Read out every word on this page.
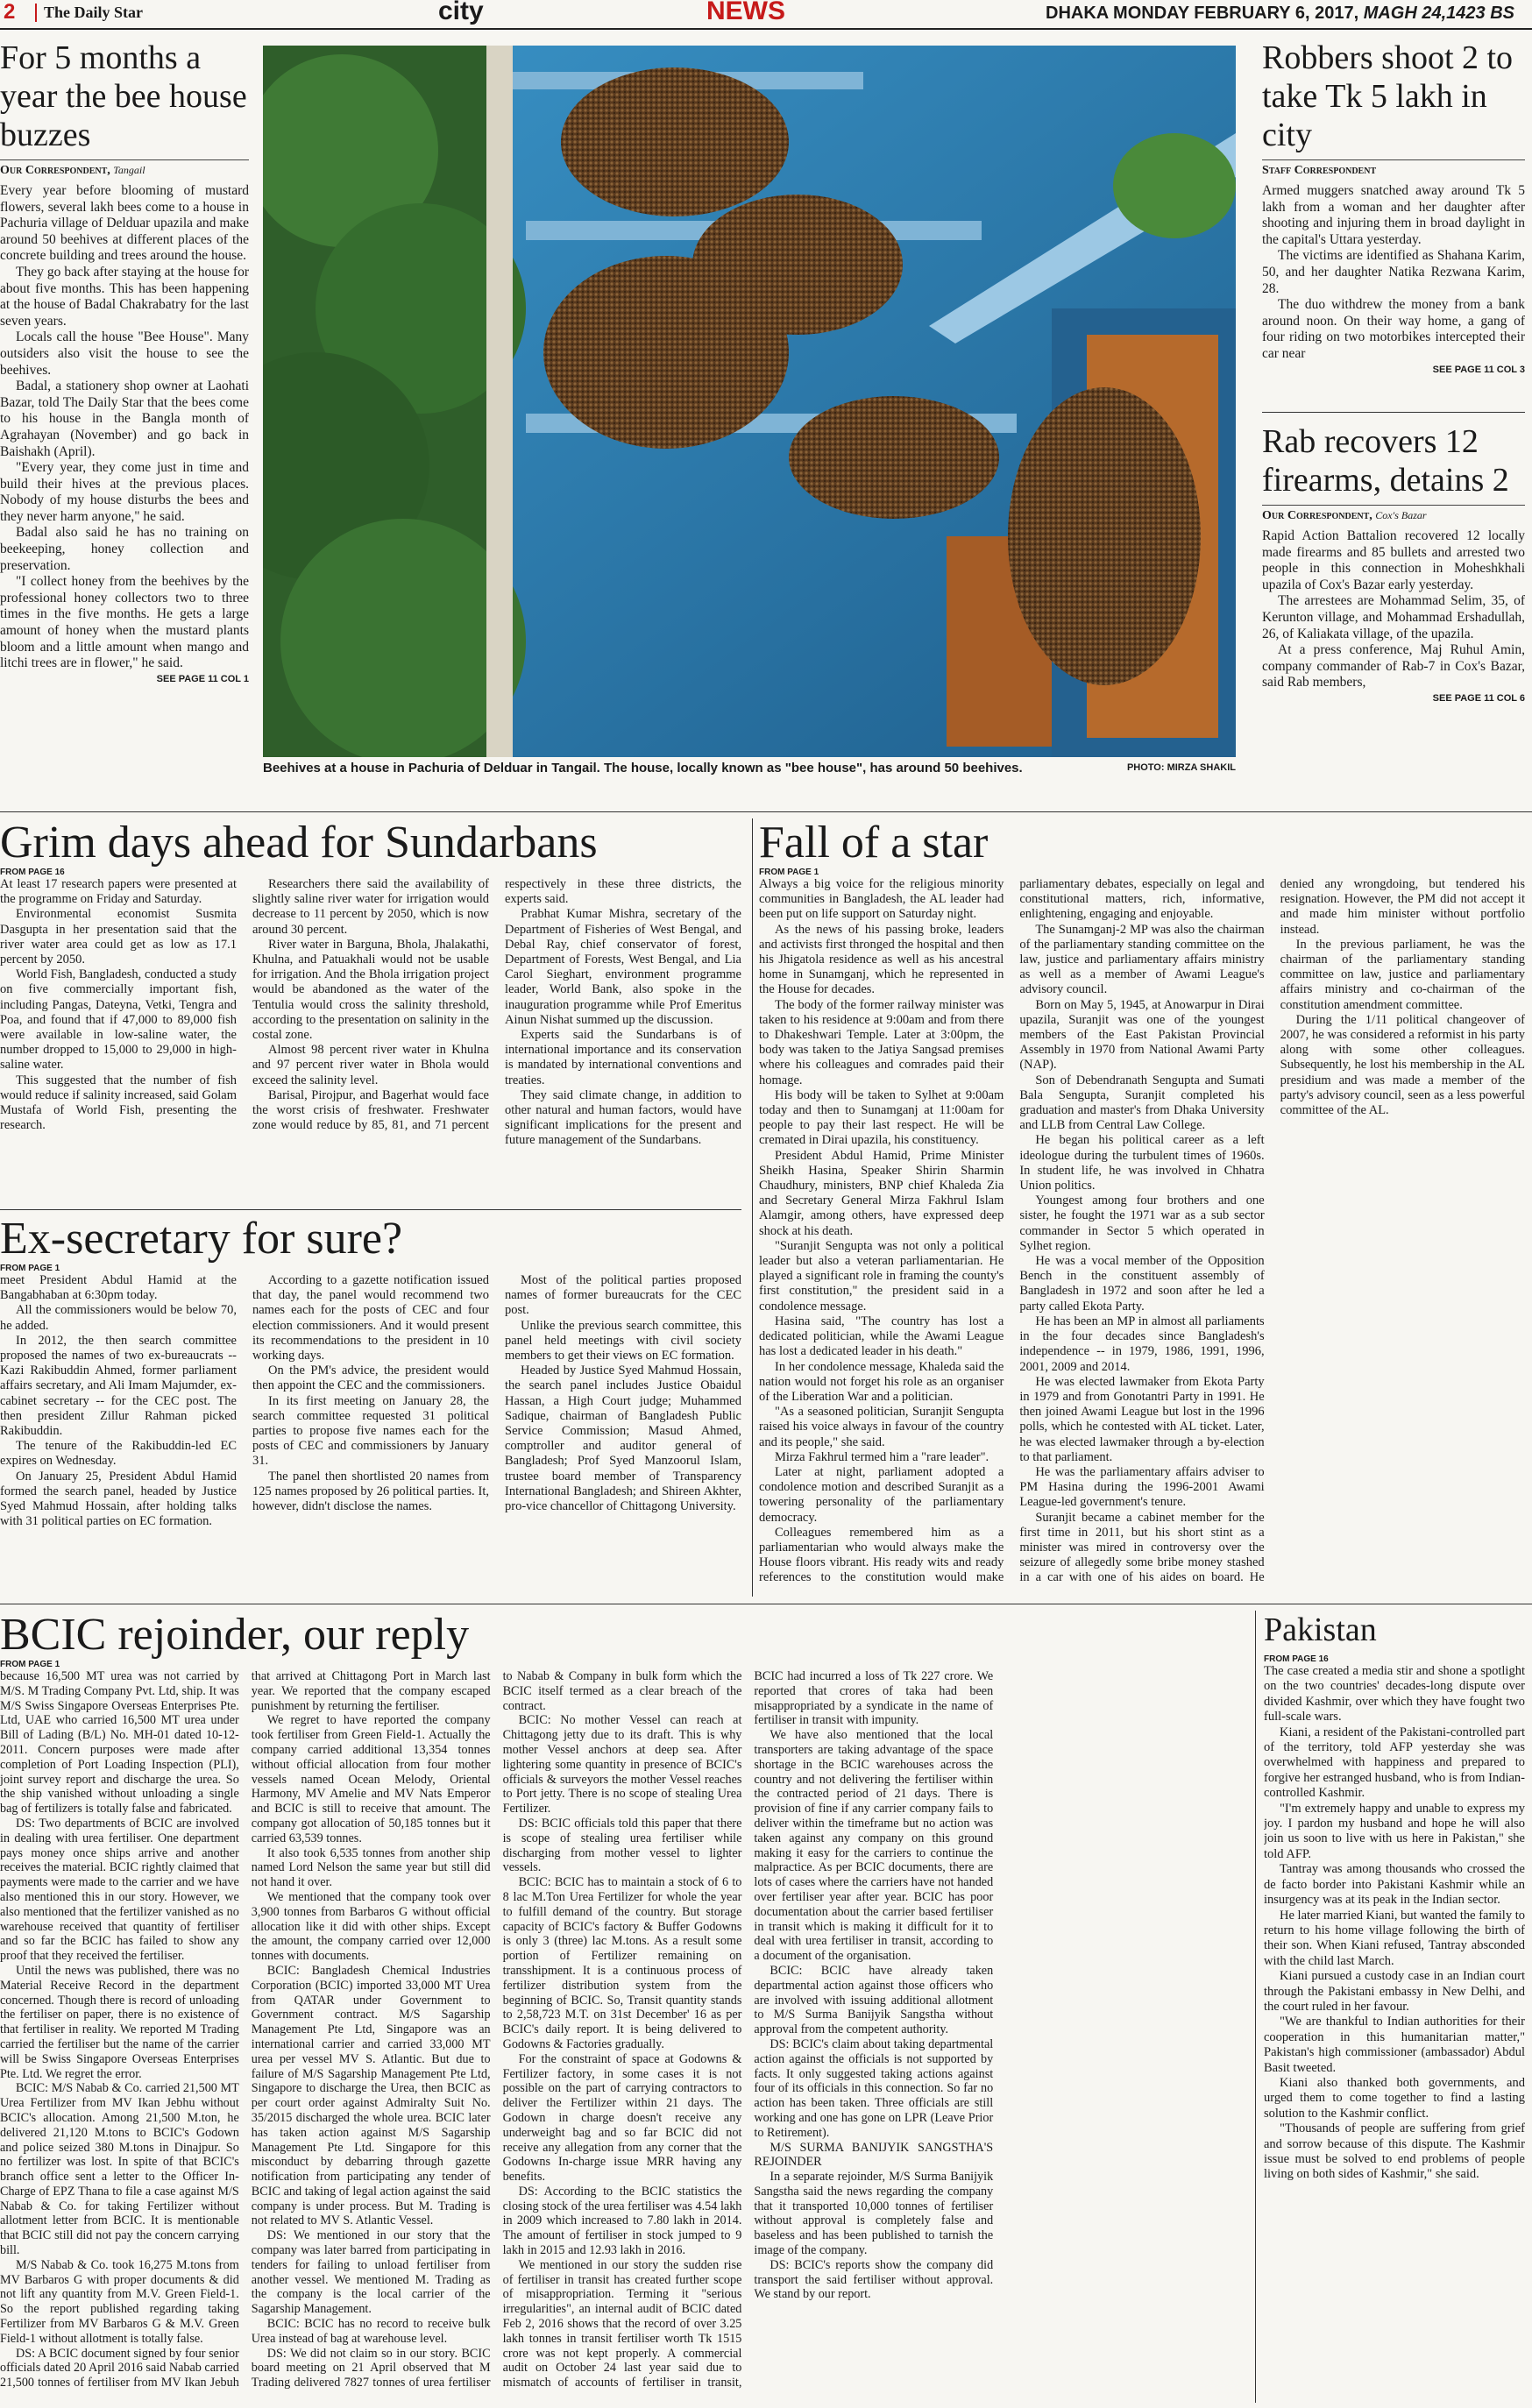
2	The Daily Star	city	NEWS	DHAKA MONDAY FEBRUARY 6, 2017, MAGH 24,1423 BS
For 5 months a year the bee house buzzes
Our Correspondent, Tangail

Every year before blooming of mustard flowers, several lakh bees come to a house in Pachuria village of Delduar upazila and make around 50 beehives at different places of the concrete building and trees around the house.

They go back after staying at the house for about five months. This has been happening at the house of Badal Chakrabatry for the last seven years.

Locals call the house "Bee House". Many outsiders also visit the house to see the beehives.

Badal, a stationery shop owner at Laohati Bazar, told The Daily Star that the bees come to his house in the Bangla month of Agrahayan (November) and go back in Baishakh (April).

"Every year, they come just in time and build their hives at the previous places. Nobody of my house disturbs the bees and they never harm anyone," he said.

Badal also said he has no training on beekeeping, honey collection and preservation.

"I collect honey from the beehives by the professional honey collectors two to three times in the five months. He gets a large amount of honey when the mustard plants bloom and a little amount when mango and litchi trees are in flower," he said.

SEE PAGE 11 COL 1
Beehives at a house in Pachuria of Delduar in Tangail. The house, locally known as "bee house", has around 50 beehives.	PHOTO: MIRZA SHAKIL
Robbers shoot 2 to take Tk 5 lakh in city
Staff Correspondent

Armed muggers snatched away around Tk 5 lakh from a woman and her daughter after shooting and injuring them in broad daylight in the capital's Uttara yesterday.

The victims are identified as Shahana Karim, 50, and her daughter Natika Rezwana Karim, 28.

The duo withdrew the money from a bank around noon. On their way home, a gang of four riding on two motorbikes intercepted their car near

SEE PAGE 11 COL 3
Rab recovers 12 firearms, detains 2
Our Correspondent, Cox's Bazar

Rapid Action Battalion recovered 12 locally made firearms and 85 bullets and arrested two people in this connection in Moheshkhali upazila of Cox's Bazar early yesterday.

The arrestees are Mohammad Selim, 35, of Kerunton village, and Mohammad Ershadullah, 26, of Kaliakata village, of the upazila.

At a press conference, Maj Ruhul Amin, company commander of Rab-7 in Cox's Bazar, said Rab members,

SEE PAGE 11 COL 6
Grim days ahead for Sundarbans
FROM PAGE 16

At least 17 research papers were presented at the programme on Friday and Saturday.

Environmental economist Susmita Dasgupta in her presentation said that the river water area could get as low as 17.1 percent by 2050.

World Fish, Bangladesh, conducted a study on five commercially important fish, including Pangas, Dateyna, Vetki, Tengra and Poa, and found that if 47,000 to 89,000 fish were available in low-saline water, the number dropped to 15,000 to 29,000 in high-saline water.

This suggested that the number of fish would reduce if salinity increased, said Golam Mustafa of World Fish, presenting the research.

Researchers there said the availability of slightly saline river water for irrigation would decrease to 11 percent by 2050, which is now around 30 percent.

River water in Barguna, Bhola, Jhalakathi, Khulna, and Patuakhali would not be usable for irrigation. And the Bhola irrigation project would be abandoned as the water of the Tentulia would cross the salinity threshold, according to the presentation on salinity in the costal zone.

Almost 98 percent river water in Khulna and 97 percent river water in Bhola would exceed the salinity level.

Barisal, Pirojpur, and Bagerhat would face the worst crisis of freshwater. Freshwater zone would reduce by 85, 81, and 71 percent respectively in these three districts, the experts said.

Prabhat Kumar Mishra, secretary of the Department of Fisheries of West Bengal, and Debal Ray, chief conservator of forest, Department of Forests, West Bengal, and Lia Carol Sieghart, environment programme leader, World Bank, also spoke in the inauguration programme while Prof Emeritus Ainun Nishat summed up the discussion.

Experts said the Sundarbans is of international importance and its conservation is mandated by international conventions and treaties.

They said climate change, in addition to other natural and human factors, would have significant implications for the present and future management of the Sundarbans.

Ex-secretary for sure?
FROM PAGE 1

meet President Abdul Hamid at the Bangabhaban at 6:30pm today.

All the commissioners would be below 70, he added.

In 2012, the then search committee proposed the names of two ex-bureaucrats -- Kazi Rakibuddin Ahmed, former parliament affairs secretary, and Ali Imam Majumder, ex-cabinet secretary -- for the CEC post. The then president Zillur Rahman picked Rakibuddin.

The tenure of the Rakibuddin-led EC expires on Wednesday.

On January 25, President Abdul Hamid formed the search panel, headed by Justice Syed Mahmud Hossain, after holding talks with 31 political parties on EC formation.

According to a gazette notification issued that day, the panel would recommend two names each for the posts of CEC and four election commissioners. And it would present its recommendations to the president in 10 working days.

On the PM's advice, the president would then appoint the CEC and the commissioners.

In its first meeting on January 28, the search committee requested 31 political parties to propose five names each for the posts of CEC and commissioners by January 31.

The panel then shortlisted 20 names from 125 names proposed by 26 political parties. It, however, didn't disclose the names.

Most of the political parties proposed names of former bureaucrats for the CEC post.

Unlike the previous search committee, this panel held meetings with civil society members to get their views on EC formation.

Headed by Justice Syed Mahmud Hossain, the search panel includes Justice Obaidul Hassan, a High Court judge; Muhammed Sadique, chairman of Bangladesh Public Service Commission; Masud Ahmed, comptroller and auditor general of Bangladesh; Prof Syed Manzoorul Islam, trustee board member of Transparency International Bangladesh; and Shireen Akhter, pro-vice chancellor of Chittagong University.

Fall of a star
FROM PAGE 1

Always a big voice for the religious minority communities in Bangladesh, the AL leader had been put on life support on Saturday night.

As the news of his passing broke, leaders and activists first thronged the hospital and then his Jhigatola residence as well as his ancestral home in Sunamganj, which he represented in the House for decades.

The body of the former railway minister was taken to his residence at 9:00am and from there to Dhakeshwari Temple. Later at 3:00pm, the body was taken to the Jatiya Sangsad premises where his colleagues and comrades paid their homage.

His body will be taken to Sylhet at 9:00am today and then to Sunamganj at 11:00am for people to pay their last respect. He will be cremated in Dirai upazila, his constituency.

President Abdul Hamid, Prime Minister Sheikh Hasina, Speaker Shirin Sharmin Chaudhury, ministers, BNP chief Khaleda Zia and Secretary General Mirza Fakhrul Islam Alamgir, among others, have expressed deep shock at his death.

"Suranjit Sengupta was not only a political leader but also a veteran parliamentarian. He played a significant role in framing the county's first constitution," the president said in a condolence message.

Hasina said, "The country has lost a dedicated politician, while the Awami League has lost a dedicated leader in his death."

In her condolence message, Khaleda said the nation would not forget his role as an organiser of the Liberation War and a politician.

"As a seasoned politician, Suranjit Sengupta raised his voice always in favour of the country and its people," she said.

Mirza Fakhrul termed him a "rare leader".

Later at night, parliament adopted a condolence motion and described Suranjit as a towering personality of the parliamentary democracy.

Colleagues remembered him as a parliamentarian who would always make the House floors vibrant. His ready wits and ready references to the constitution would make parliamentary debates, especially on legal and constitutional matters, rich, informative, enlightening, engaging and enjoyable.

The Sunamganj-2 MP was also the chairman of the parliamentary standing committee on the law, justice and parliamentary affairs ministry as well as a member of Awami League's advisory council.

Born on May 5, 1945, at Anowarpur in Dirai upazila, Suranjit was one of the youngest members of the East Pakistan Provincial Assembly in 1970 from National Awami Party (NAP).

Son of Debendranath Sengupta and Sumati Bala Sengupta, Suranjit completed his graduation and master's from Dhaka University and LLB from Central Law College.

He began his political career as a left ideologue during the turbulent times of 1960s. In student life, he was involved in Chhatra Union politics.

Youngest among four brothers and one sister, he fought the 1971 war as a sub sector commander in Sector 5 which operated in Sylhet region.

He was a vocal member of the Opposition Bench in the constituent assembly of Bangladesh in 1972 and soon after he led a party called Ekota Party.

He has been an MP in almost all parliaments in the four decades since Bangladesh's independence -- in 1979, 1986, 1991, 1996, 2001, 2009 and 2014.

He was elected lawmaker from Ekota Party in 1979 and from Gonotantri Party in 1991. He then joined Awami League but lost in the 1996 polls, which he contested with AL ticket. Later, he was elected lawmaker through a by-election to that parliament.

He was the parliamentary affairs adviser to PM Hasina during the 1996-2001 Awami League-led government's tenure.

Suranjit became a cabinet member for the first time in 2011, but his short stint as a minister was mired in controversy over the seizure of allegedly some bribe money stashed in a car with one of his aides on board. He denied any wrongdoing, but tendered his resignation. However, the PM did not accept it and made him minister without portfolio instead.

In the previous parliament, he was the chairman of the parliamentary standing committee on law, justice and parliamentary affairs ministry and co-chairman of the constitution amendment committee.

During the 1/11 political changeover of 2007, he was considered a reformist in his party along with some other colleagues. Subsequently, he lost his membership in the AL presidium and was made a member of the party's advisory council, seen as a less powerful committee of the AL.

BCIC rejoinder, our reply
FROM PAGE 1

because 16,500 MT urea was not carried by M/S. M Trading Company Pvt. Ltd, ship. It was M/S Swiss Singapore Overseas Enterprises Pte. Ltd, UAE who carried 16,500 MT urea under Bill of Lading (B/L) No. MH-01 dated 10-12-2011. Concern purposes were made after completion of Port Loading Inspection (PLI), joint survey report and discharge the urea. So the ship vanished without unloading a single bag of fertilizers is totally false and fabricated.

DS: Two departments of BCIC are involved in dealing with urea fertiliser. One department pays money once ships arrive and another receives the material. BCIC rightly claimed that payments were made to the carrier and we have also mentioned this in our story. However, we also mentioned that the fertilizer vanished as no warehouse received that quantity of fertiliser and so far the BCIC has failed to show any proof that they received the fertiliser.

Until the news was published, there was no Material Receive Record in the department concerned. Though there is record of unloading the fertiliser on paper, there is no existence of that fertiliser in reality. We reported M Trading carried the fertiliser but the name of the carrier will be Swiss Singapore Overseas Enterprises Pte. Ltd. We regret the error.

BCIC: M/S Nabab & Co. carried 21,500 MT Urea Fertilizer from MV Ikan Jebhu without BCIC's allocation. Among 21,500 M.ton, he delivered 21,120 M.tons to BCIC's Godown and police seized 380 M.tons in Dinajpur. So no fertilizer was lost. In spite of that BCIC's branch office sent a letter to the Officer In-Charge of EPZ Thana to file a case against M/S Nabab & Co. for taking Fertilizer without allotment letter from BCIC. It is mentionable that BCIC still did not pay the concern carrying bill.

M/S Nabab & Co. took 16,275 M.tons from MV Barbaros G with proper documents & did not lift any quantity from M.V. Green Field-1. So the report published regarding taking Fertilizer from MV Barbaros G & M.V. Green Field-1 without allotment is totally false.

DS: A BCIC document signed by four senior officials dated 20 April 2016 said Nabab carried 21,500 tonnes of fertiliser from MV Ikan Jebuh that arrived at Chittagong Port in March last year. We reported that the company escaped punishment by returning the fertiliser.

We regret to have reported the company took fertiliser from Green Field-1. Actually the company carried additional 13,354 tonnes without official allocation from four mother vessels named Ocean Melody, Oriental Harmony, MV Amelie and MV Nats Emperor and BCIC is still to receive that amount. The company got allocation of 50,185 tonnes but it carried 63,539 tonnes.

It also took 6,535 tonnes from another ship named Lord Nelson the same year but still did not hand it over.

We mentioned that the company took over 3,900 tonnes from Barbaros G without official allocation like it did with other ships. Except the amount, the company carried over 12,000 tonnes with documents.

BCIC: Bangladesh Chemical Industries Corporation (BCIC) imported 33,000 MT Urea from QATAR under Government to Government contract. M/S Sagarship Management Pte Ltd, Singapore was an international carrier and carried 33,000 MT urea per vessel MV S. Atlantic. But due to failure of M/S Sagarship Management Pte Ltd, Singapore to discharge the Urea, then BCIC as per court order against Admiralty Suit No. 35/2015 discharged the whole urea. BCIC later has taken action against M/S Sagarship Management Pte Ltd. Singapore for this misconduct by debarring through gazette notification from participating any tender of BCIC and taking of legal action against the said company is under process. But M. Trading is not related to MV S. Atlantic Vessel.

DS: We mentioned in our story that the company was later barred from participating in tenders for failing to unload fertiliser from another vessel. We mentioned M. Trading as the company is the local carrier of the Sagarship Management.

BCIC: BCIC has no record to receive bulk Urea instead of bag at warehouse level.

DS: We did not claim so in our story. BCIC board meeting on 21 April observed that M Trading delivered 7827 tonnes of urea fertiliser to Nabab & Company in bulk form which the BCIC itself termed as a clear breach of the contract.

BCIC: No mother Vessel can reach at Chittagong jetty due to its draft. This is why mother Vessel anchors at deep sea. After lightering some quantity in presence of BCIC's officials & surveyors the mother Vessel reaches to Port jetty. There is no scope of stealing Urea Fertilizer.

DS: BCIC officials told this paper that there is scope of stealing urea fertiliser while discharging from mother vessel to lighter vessels.

BCIC: BCIC has to maintain a stock of 6 to 8 lac M.Ton Urea Fertilizer for whole the year to fulfill demand of the country. But storage capacity of BCIC's factory & Buffer Godowns is only 3 (three) lac M.tons. As a result some portion of Fertilizer remaining on transshipment. It is a continuous process of fertilizer distribution system from the beginning of BCIC. So, Transit quantity stands to 2,58,723 M.T. on 31st December' 16 as per BCIC's daily report. It is being delivered to Godowns & Factories gradually.

For the constraint of space at Godowns & Fertilizer factory, in some cases it is not possible on the part of carrying contractors to deliver the Fertilizer within 21 days. The Godown in charge doesn't receive any underweight bag and so far BCIC did not receive any allegation from any corner that the Godowns In-charge issue MRR having any benefits.

DS: According to the BCIC statistics the closing stock of the urea fertiliser was 4.54 lakh in 2009 which increased to 7.80 lakh in 2014. The amount of fertiliser in stock jumped to 9 lakh in 2015 and 12.93 lakh in 2016.

We mentioned in our story the sudden rise of fertiliser in transit has created further scope of misappropriation. Terming it "serious irregularities", an internal audit of BCIC dated Feb 2, 2016 shows that the record of over 3.25 lakh tonnes in transit fertiliser worth Tk 1515 crore was not kept properly. A commercial audit on October 24 last year said due to mismatch of accounts of fertiliser in transit, BCIC had incurred a loss of Tk 227 crore. We reported that crores of taka had been misappropriated by a syndicate in the name of fertiliser in transit with impunity.

We have also mentioned that the local transporters are taking advantage of the space shortage in the BCIC warehouses across the country and not delivering the fertiliser within the contracted period of 21 days. There is provision of fine if any carrier company fails to deliver within the timeframe but no action was taken against any company on this ground making it easy for the carriers to continue the malpractice. As per BCIC documents, there are lots of cases where the carriers have not handed over fertiliser year after year. BCIC has poor documentation about the carrier based fertiliser in transit which is making it difficult for it to deal with urea fertiliser in transit, according to a document of the organisation.

BCIC: BCIC have already taken departmental action against those officers who are involved with issuing additional allotment to M/S Surma Banijyik Sangstha without approval from the competent authority.

DS: BCIC's claim about taking departmental action against the officials is not supported by facts. It only suggested taking actions against four of its officials in this connection. So far no action has been taken. Three officials are still working and one has gone on LPR (Leave Prior to Retirement).

M/S SURMA BANIJYIK SANGSTHA'S REJOINDER

In a separate rejoinder, M/S Surma Banijyik Sangstha said the news regarding the company that it transported 10,000 tonnes of fertiliser without approval is completely false and baseless and has been published to tarnish the image of the company.

DS: BCIC's reports show the company did transport the said fertiliser without approval. We stand by our report.

Pakistan
FROM PAGE 16

The case created a media stir and shone a spotlight on the two countries' decades-long dispute over divided Kashmir, over which they have fought two full-scale wars.

Kiani, a resident of the Pakistani-controlled part of the territory, told AFP yesterday she was overwhelmed with happiness and prepared to forgive her estranged husband, who is from Indian-controlled Kashmir.

"I'm extremely happy and unable to express my joy. I pardon my husband and hope he will also join us soon to live with us here in Pakistan," she told AFP.

Tantray was among thousands who crossed the de facto border into Pakistani Kashmir while an insurgency was at its peak in the Indian sector.

He later married Kiani, but wanted the family to return to his home village following the birth of their son. When Kiani refused, Tantray absconded with the child last March.

Kiani pursued a custody case in an Indian court through the Pakistani embassy in New Delhi, and the court ruled in her favour.

"We are thankful to Indian authorities for their cooperation in this humanitarian matter," Pakistan's high commissioner (ambassador) Abdul Basit tweeted.

Kiani also thanked both governments, and urged them to come together to find a lasting solution to the Kashmir conflict.

"Thousands of people are suffering from grief and sorrow because of this dispute. The Kashmir issue must be solved to end problems of people living on both sides of Kashmir," she said.
